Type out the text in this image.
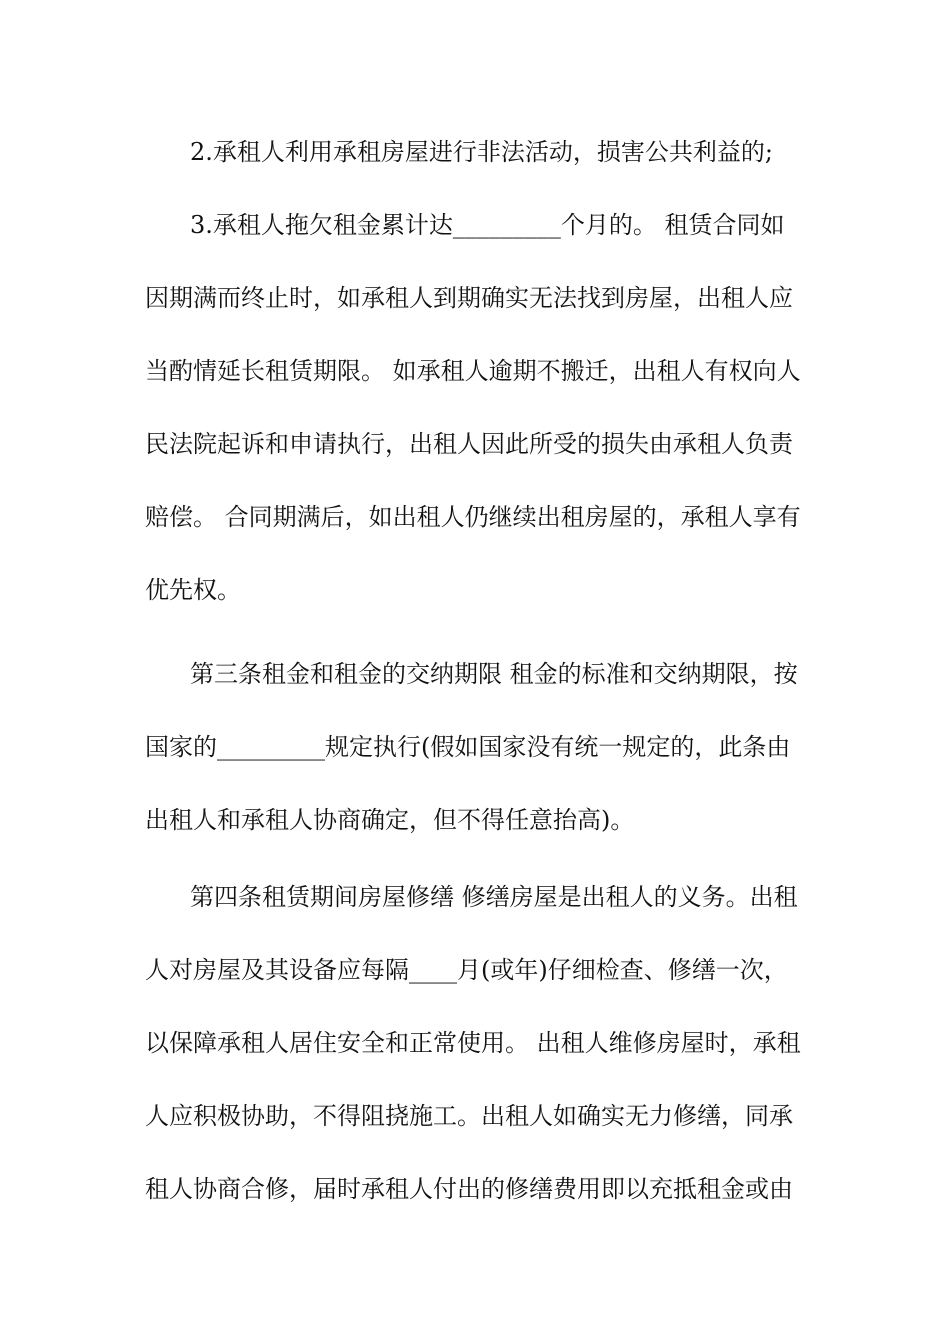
2.承租人利用承租房屋进行非法活动，损害公共利益的;
3.承租人拖欠租金累计达_________个月的。 租赁合同如
因期满而终止时，如承租人到期确实无法找到房屋，出租人应
当酌情延长租赁期限。 如承租人逾期不搬迁，出租人有权向人
民法院起诉和申请执行，出租人因此所受的损失由承租人负责
赔偿。 合同期满后，如出租人仍继续出租房屋的，承租人享有
优先权。
第三条租金和租金的交纳期限 租金的标准和交纳期限，按
国家的_________规定执行(假如国家没有统一规定的，此条由
出租人和承租人协商确定，但不得任意抬高)。
第四条租赁期间房屋修缮 修缮房屋是出租人的义务。出租
人对房屋及其设备应每隔____月(或年)仔细检查、修缮一次，
以保障承租人居住安全和正常使用。 出租人维修房屋时，承租
人应积极协助，不得阻挠施工。出租人如确实无力修缮，同承
租人协商合修，届时承租人付出的修缮费用即以充抵租金或由
